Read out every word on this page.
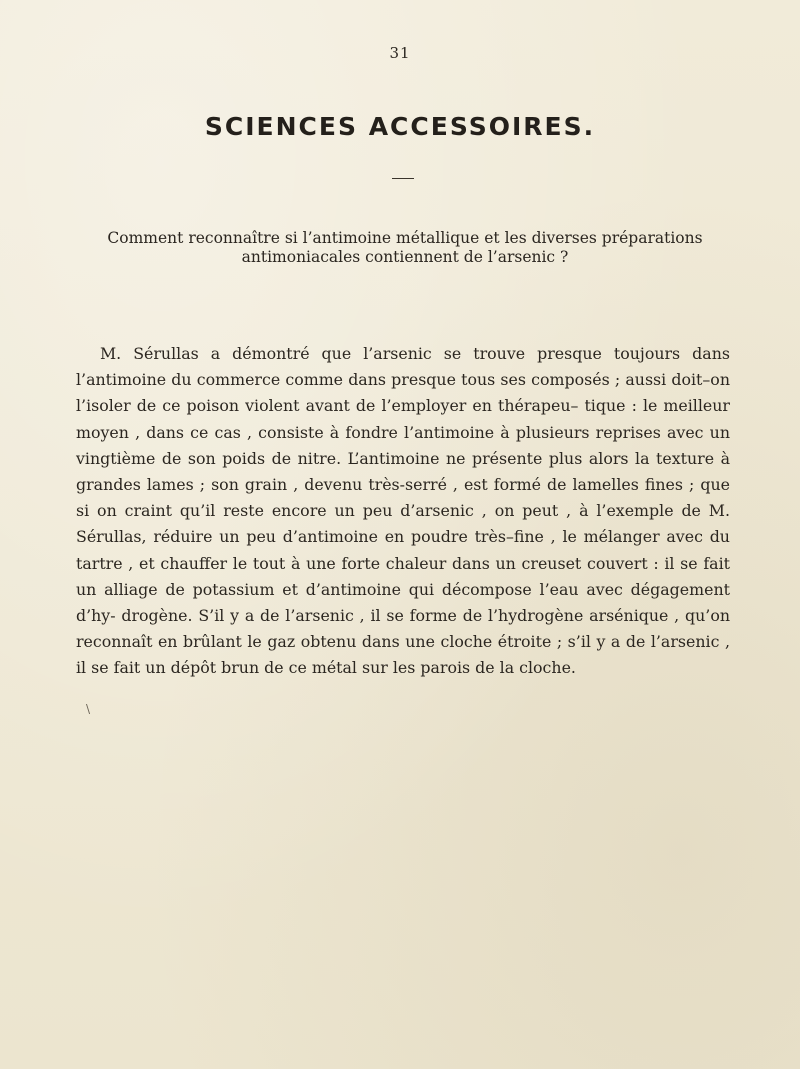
31
SCIENCES ACCESSOIRES.
Comment reconnaître si l’antimoine métallique et les diverses préparations antimoniacales contiennent de l’arsenic ?

M. Sérullas a démontré que l’arsenic se trouve presque toujours dans l’antimoine du commerce comme dans presque tous ses composés ; aussi doit–on l’isoler de ce poison violent avant de l’employer en thérapeu– tique : le meilleur moyen , dans ce cas , consiste à fondre l’antimoine à plusieurs reprises avec un vingtième de son poids de nitre. L’antimoine ne présente plus alors la texture à grandes lames ; son grain , devenu très-serré , est formé de lamelles fines ; que si on craint qu’il reste encore un peu d’arsenic , on peut , à l’exemple de M. Sérullas, réduire un peu d’antimoine en poudre très–fine , le mélanger avec du tartre , et chauffer le tout à une forte chaleur dans un creuset couvert : il se fait un alliage de potassium et d’antimoine qui décompose l’eau avec dégagement d’hy- drogène. S’il y a de l’arsenic , il se forme de l’hydrogène arsénique , qu’on reconnaît en brûlant le gaz obtenu dans une cloche étroite ; s’il y a de l’arsenic , il se fait un dépôt brun de ce métal sur les parois de la cloche.

\
